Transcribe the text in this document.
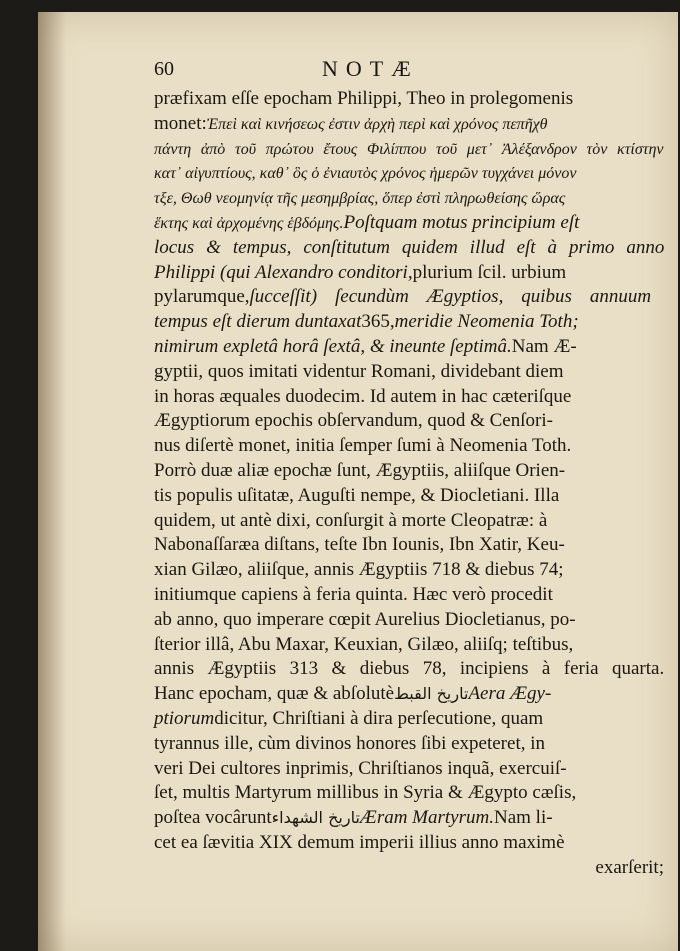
60	NOTÆ
præfixam eſſe epocham Philippi, Theo in prolegomenis
monet:Ἐπεὶ καὶ κινήσεως ἐστιν ἀρχὴ περὶ καὶ χρόνος πεπῆχθ
πάντη ἀπὸ τοῦ πρώτου ἔτους Φιλίππου τοῦ μετ᾽ Ἀλέξανδρον τὸν κτίστην
κατ᾽ αἰγυπτίους, καθ᾽ ὃς ὁ ἐνιαυτὸς χρόνος ἡμερῶν τυγχάνει μόνον
τξε, Θωθ νεομηνίᾳ τῆς μεσημβρίας, ὅπερ ἐστὶ πληρωθείσης ὥρας
ἕκτης καὶ ἀρχομένης ἑβδόμης.Poſtquam motus principium eſt
locus & tempus, conſtitutum quidem illud eſt à primo anno
Philippi (qui Alexandro conditori,plurium ſcil. urbium
pylarumque,ſucceſſit) ſecundùm Ægyptios, quibus annuum
tempus eſt dierum duntaxat365,meridie Neomenia Toth;
nimirum expletâ horâ ſextâ, & ineunte ſeptimâ.Nam Æ-
gyptii, quos imitati videntur Romani, dividebant diem
in horas æquales duodecim. Id autem in hac cæteriſque
Ægyptiorum epochis obſervandum, quod & Cenſori-
nus diſertè monet, initia ſemper ſumi à Neomenia Toth.
Porrò duæ aliæ epochæ ſunt, Ægyptiis, aliiſque Orien-
tis populis uſitatæ, Auguſti nempe, & Diocletiani. Illa
quidem, ut antè dixi, conſurgit à morte Cleopatræ: à
Nabonaſſaræa diſtans, teſte Ibn Iounis, Ibn Xatir, Keu-
xian Gilæo, aliiſque, annis Ægyptiis 718 & diebus 74;
initiumque capiens à feria quinta. Hæc verò procedit
ab anno, quo imperare cœpit Aurelius Diocletianus, po-
ſterior illâ, Abu Maxar, Keuxian, Gilæo, aliiſq; teſtibus,
annis Ægyptiis 313 & diebus 78, incipiens à feria quarta.
Hanc epocham, quæ & abſolutèتاريخ القبطAera Ægy-
ptiorumdicitur, Chriſtiani à dira perſecutione, quam
tyrannus ille, cùm divinos honores ſibi expeteret, in
veri Dei cultores inprimis, Chriſtianos inquã, exercuiſ-
ſet, multis Martyrum millibus in Syria & Ægypto cæſis,
poſtea vocâruntتاريخ الشهداءÆram Martyrum.Nam li-
cet ea ſævitia XIX demum imperii illius anno maximè
exarſerit;
